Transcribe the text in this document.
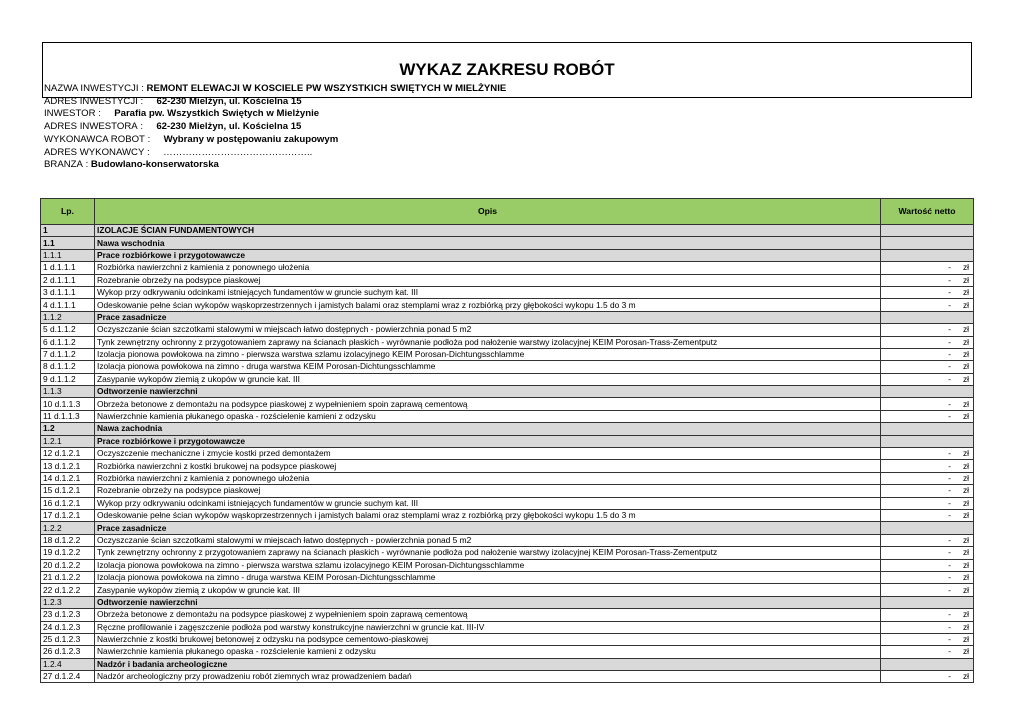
WYKAZ ZAKRESU ROBÓT
NAZWA INWESTYCJI : REMONT ELEWACJI W KOSCIELE PW WSZYSTKICH SWIĘTYCH W MIELŻYNIE
ADRES INWESTYCJI :     62-230 Mielżyn, ul. Kościelna 15
INWESTOR :     Parafia pw. Wszystkich Swiętych w Mielżynie
ADRES INWESTORA :     62-230 Mielżyn, ul. Kościelna 15
WYKONAWCA ROBOT :     Wybrany w postępowaniu zakupowym
ADRES WYKONAWCY :     ………………………………………..
BRANZA : Budowlano-konserwatorska
Lp.	Opis	Wartość netto
1	IZOLACJE ŚCIAN FUNDAMENTOWYCH	
1.1	Nawa wschodnia	
1.1.1	Prace rozbiórkowe i przygotowawcze	
1 d.1.1.1	Rozbiórka nawierzchni z kamienia z ponownego ułożenia	- zł
2 d.1.1.1	Rozebranie obrzeży na podsypce piaskowej	- zł
3 d.1.1.1	Wykop przy odkrywaniu odcinkami istniejących fundamentów w gruncie suchym kat. III	- zł
4 d.1.1.1	Odeskowanie pełne ścian wykopów wąskoprzestrzennych i jamistych balami oraz stemplami wraz z rozbiórką przy głębokości wykopu 1.5 do 3 m	- zł
1.1.2	Prace zasadnicze	
5 d.1.1.2	Oczyszczanie ścian szczotkami stalowymi w miejscach łatwo dostępnych - powierzchnia ponad 5 m2	- zł
6 d.1.1.2	Tynk zewnętrzny ochronny z przygotowaniem zaprawy na ścianach płaskich - wyrównanie podłoża pod nałożenie warstwy izolacyjnej KEIM Porosan-Trass-Zementputz	- zł
7 d.1.1.2	Izolacja pionowa powłokowa na zimno - pierwsza warstwa szlamu izolacyjnego KEIM Porosan-Dichtungsschlamme	- zł
8 d.1.1.2	Izolacja pionowa powłokowa na zimno - druga warstwa KEIM Porosan-Dichtungsschlamme	- zł
9 d.1.1.2	Zasypanie wykopów ziemią z ukopów w gruncie kat. III	- zł
1.1.3	Odtworzenie nawierzchni	
10 d.1.1.3	Obrzeża betonowe z demontażu na podsypce piaskowej z wypełnieniem spoin zaprawą cementową	- zł
11 d.1.1.3	Nawierzchnie kamienia płukanego opaska - rozścielenie kamieni z odzysku	- zł
1.2	Nawa zachodnia	
1.2.1	Prace rozbiórkowe i przygotowawcze	
12 d.1.2.1	Oczyszczenie mechaniczne i zmycie kostki przed demontażem	- zł
13 d.1.2.1	Rozbiórka nawierzchni z kostki brukowej na podsypce piaskowej	- zł
14 d.1.2.1	Rozbiórka nawierzchni z kamienia z ponownego ułożenia	- zł
15 d.1.2.1	Rozebranie obrzeży na podsypce piaskowej	- zł
16 d.1.2.1	Wykop przy odkrywaniu odcinkami istniejących fundamentów w gruncie suchym kat. III	- zł
17 d.1.2.1	Odeskowanie pełne ścian wykopów wąskoprzestrzennych i jamistych balami oraz stemplami wraz z rozbiórką przy głębokości wykopu 1.5 do 3 m	- zł
1.2.2	Prace zasadnicze	
18 d.1.2.2	Oczyszczanie ścian szczotkami stalowymi w miejscach łatwo dostępnych - powierzchnia ponad 5 m2	- zł
19 d.1.2.2	Tynk zewnętrzny ochronny z przygotowaniem zaprawy na ścianach płaskich - wyrównanie podłoża pod nałożenie warstwy izolacyjnej KEIM Porosan-Trass-Zementputz	- zł
20 d.1.2.2	Izolacja pionowa powłokowa na zimno - pierwsza warstwa szlamu izolacyjnego KEIM Porosan-Dichtungsschlamme	- zł
21 d.1.2.2	Izolacja pionowa powłokowa na zimno - druga warstwa KEIM Porosan-Dichtungsschlamme	- zł
22 d.1.2.2	Zasypanie wykopów ziemią z ukopów w gruncie kat. III	- zł
1.2.3	Odtworzenie nawierzchni	
23 d.1.2.3	Obrzeża betonowe z demontażu na podsypce piaskowej z wypełnieniem spoin zaprawą cementową	- zł
24 d.1.2.3	Ręczne profilowanie i zagęszczenie podłoża pod warstwy konstrukcyjne nawierzchni w gruncie kat. III-IV	- zł
25 d.1.2.3	Nawierzchnie z kostki brukowej betonowej z odzysku na podsypce cementowo-piaskowej	- zł
26 d.1.2.3	Nawierzchnie kamienia płukanego opaska - rozścielenie kamieni z odzysku	- zł
1.2.4	Nadzór i badania archeologiczne	
27 d.1.2.4	Nadzór archeologiczny przy prowadzeniu robót ziemnych wraz prowadzeniem badań	- zł
